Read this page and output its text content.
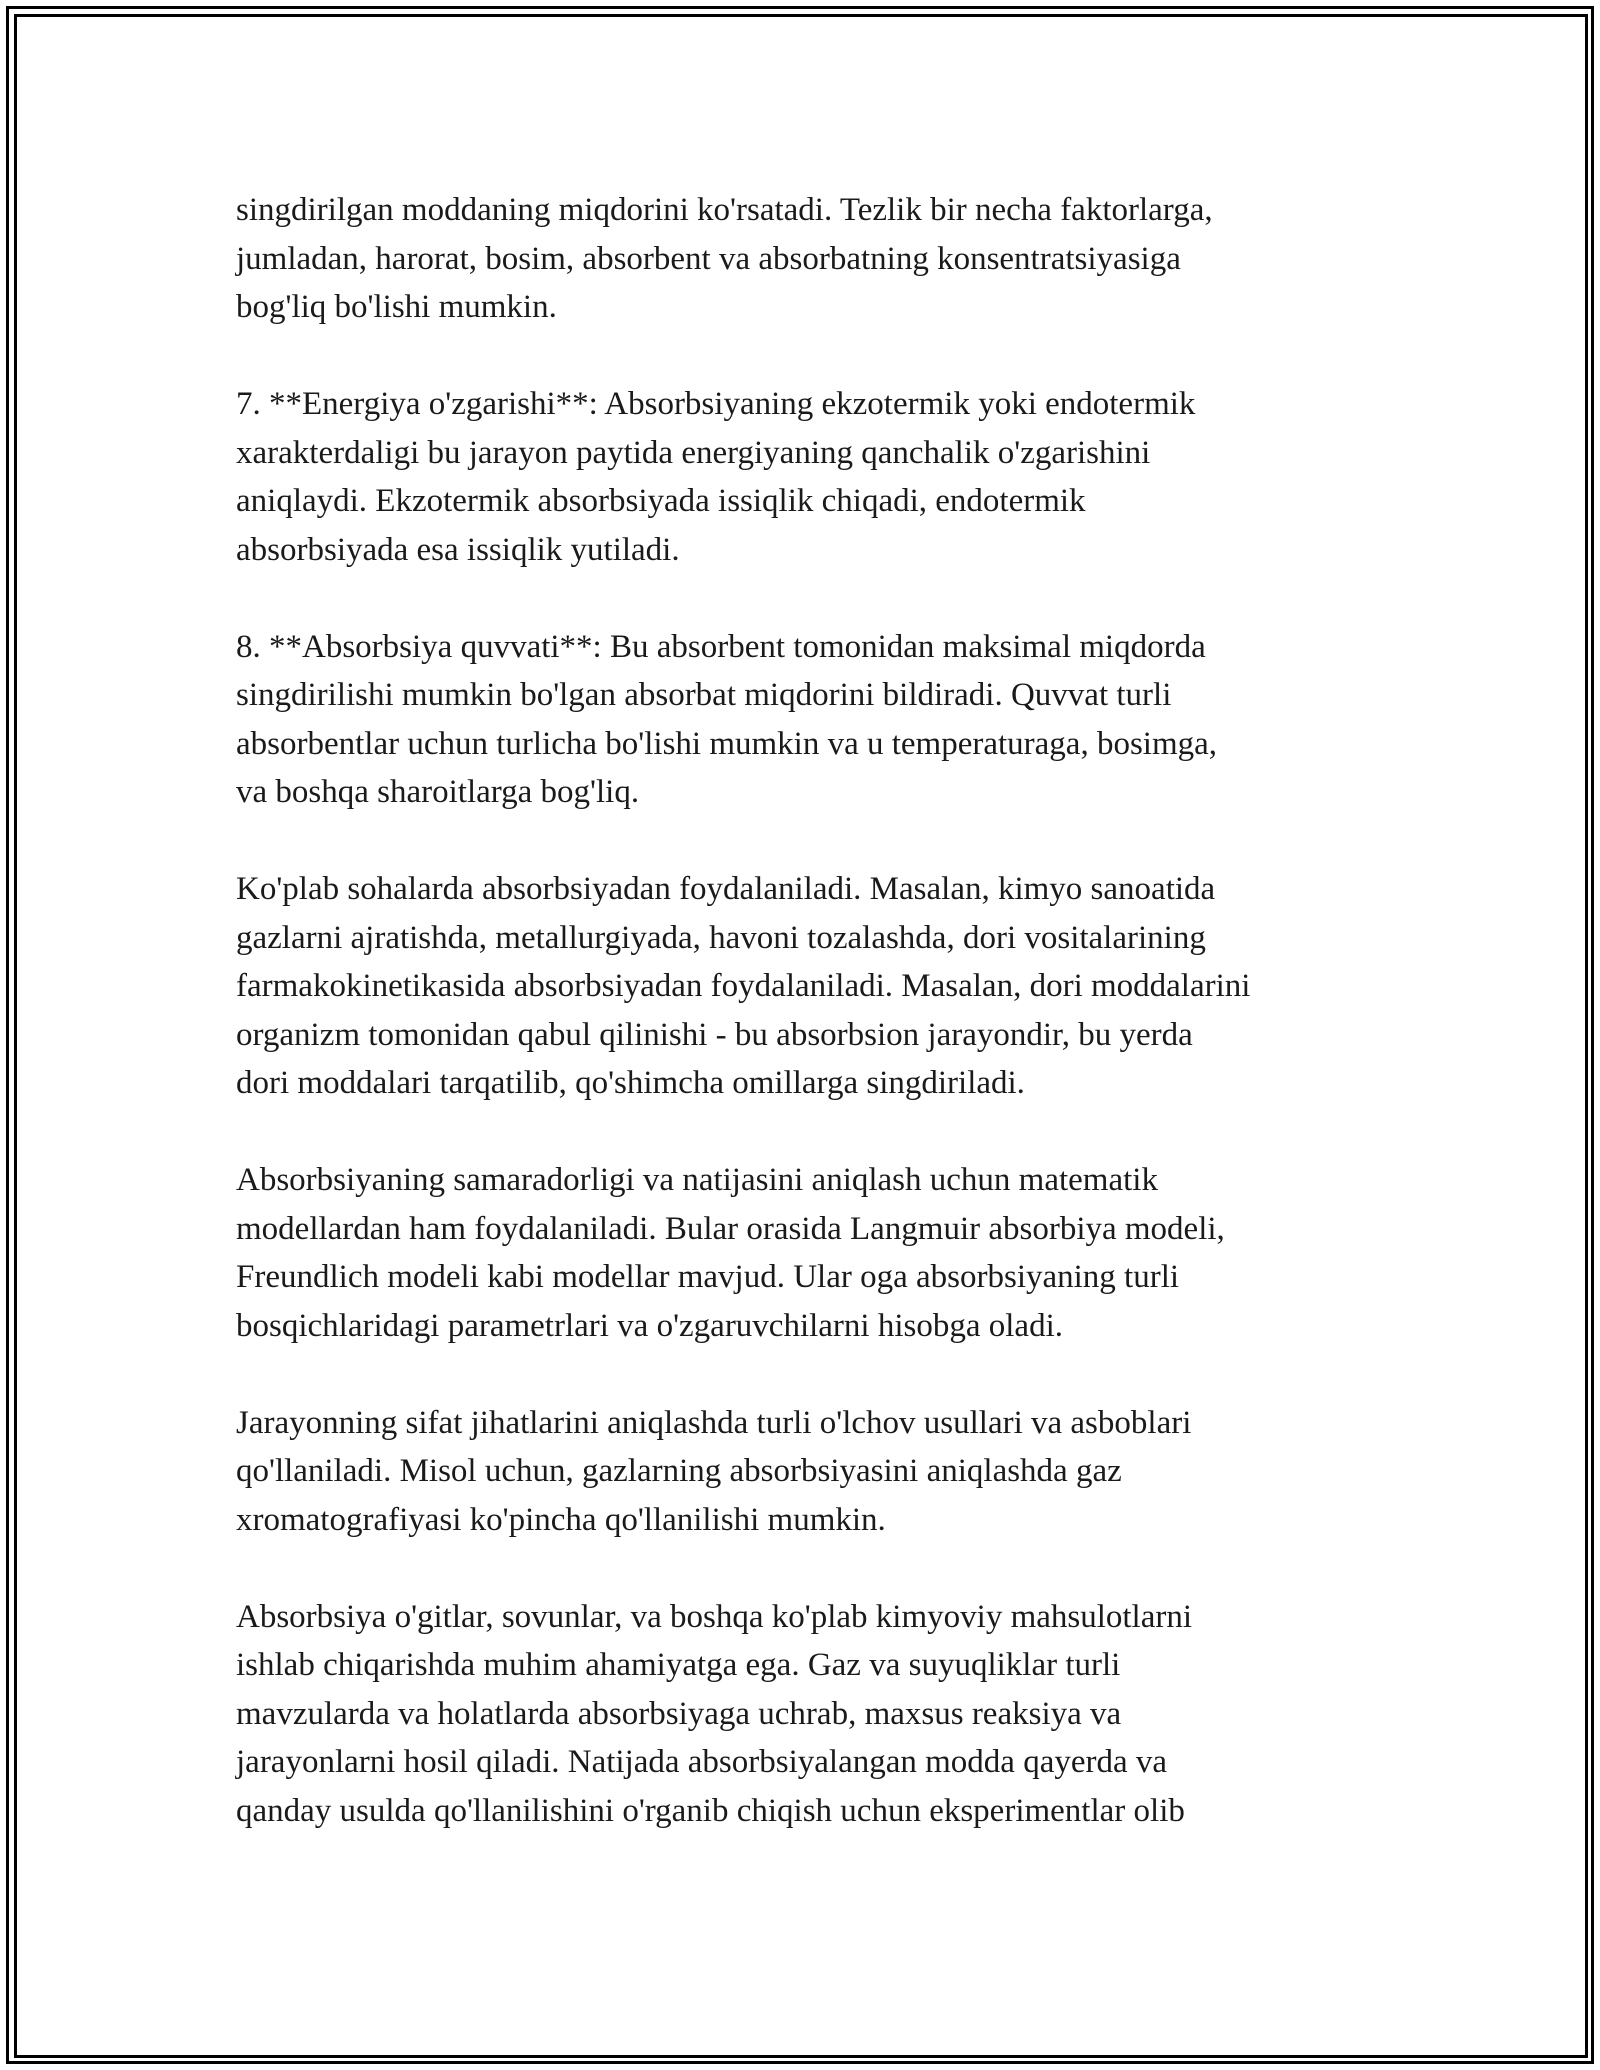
singdirilgan moddaning miqdorini ko'rsatadi. Tezlik bir necha faktorlarga,
jumladan, harorat, bosim, absorbent va absorbatning konsentratsiyasiga
bog'liq bo'lishi mumkin.

7. **Energiya o'zgarishi**: Absorbsiyaning ekzotermik yoki endotermik
xarakterdaligi bu jarayon paytida energiyaning qanchalik o'zgarishini
aniqlaydi. Ekzotermik absorbsiyada issiqlik chiqadi, endotermik
absorbsiyada esa issiqlik yutiladi.

8. **Absorbsiya quvvati**: Bu absorbent tomonidan maksimal miqdorda
singdirilishi mumkin bo'lgan absorbat miqdorini bildiradi. Quvvat turli
absorbentlar uchun turlicha bo'lishi mumkin va u temperaturaga, bosimga,
va boshqa sharoitlarga bog'liq.

Ko'plab sohalarda absorbsiyadan foydalaniladi. Masalan, kimyo sanoatida
gazlarni ajratishda, metallurgiyada, havoni tozalashda, dori vositalarining
farmakokinetikasida absorbsiyadan foydalaniladi. Masalan, dori moddalarini
organizm tomonidan qabul qilinishi - bu absorbsion jarayondir, bu yerda
dori moddalari tarqatilib, qo'shimcha omillarga singdiriladi.

Absorbsiyaning samaradorligi va natijasini aniqlash uchun matematik
modellardan ham foydalaniladi. Bular orasida Langmuir absorbiya modeli,
Freundlich modeli kabi modellar mavjud. Ular oga absorbsiyaning turli
bosqichlaridagi parametrlari va o'zgaruvchilarni hisobga oladi.

Jarayonning sifat jihatlarini aniqlashda turli o'lchov usullari va asboblari
qo'llaniladi. Misol uchun, gazlarning absorbsiyasini aniqlashda gaz
xromatografiyasi ko'pincha qo'llanilishi mumkin.

Absorbsiya o'gitlar, sovunlar, va boshqa ko'plab kimyoviy mahsulotlarni
ishlab chiqarishda muhim ahamiyatga ega. Gaz va suyuqliklar turli
mavzularda va holatlarda absorbsiyaga uchrab, maxsus reaksiya va
jarayonlarni hosil qiladi. Natijada absorbsiyalangan modda qayerda va
qanday usulda qo'llanilishini o'rganib chiqish uchun eksperimentlar olib
